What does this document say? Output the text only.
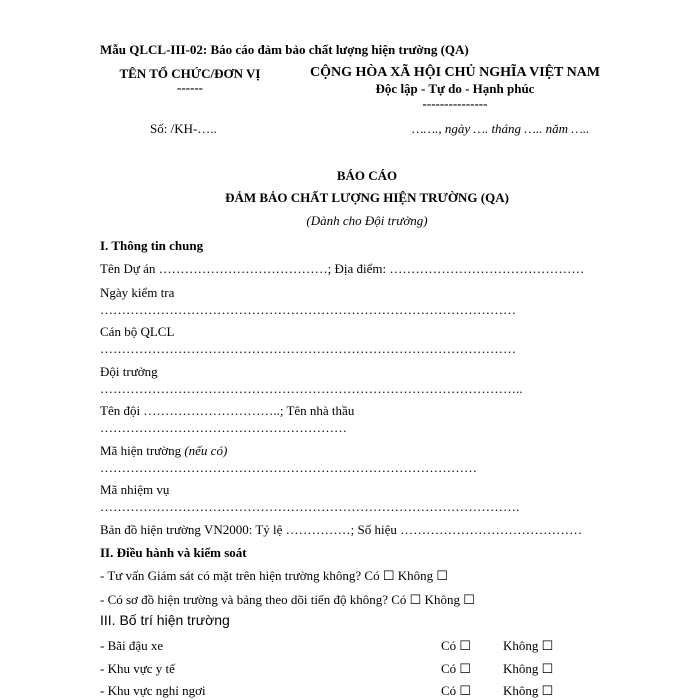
Mẫu QLCL-III-02: Báo cáo đảm bảo chất lượng hiện trường (QA)
TÊN TỔ CHỨC/ĐƠN VỊ
------
CỘNG HÒA XÃ HỘI CHỦ NGHĨA VIỆT NAM
Độc lập - Tự do - Hạnh phúc
---------------
Số: /KH-…..	……., ngày …. tháng ….. năm …..
BÁO CÁO
ĐẢM BẢO CHẤT LƯỢNG HIỆN TRƯỜNG (QA)
(Dành cho Đội trưởng)
I. Thông tin chung
Tên Dự án …………………………………; Địa điểm: ………………………………………
Ngày kiểm tra
……………………………………………………………………………………
Cán bộ QLCL
……………………………………………………………………………………
Đội trưởng
……………………………………………………………………………………..
Tên đội …………………………..; Tên nhà thầu
…………………………………………………
Mã hiện trường (nếu có)
……………………………………………………………………………
Mã nhiệm vụ
…………………………………………………………………………………….
Bản đồ hiện trường VN2000: Tỷ lệ ……………; Số hiệu ……………………………………
II. Điều hành và kiểm soát
- Tư vấn Giám sát có mặt trên hiện trường không? Có ☐ Không ☐
- Có sơ đồ hiện trường và bảng theo dõi tiến độ không? Có ☐ Không ☐
III. Bố trí hiện trường
- Bãi đậu xe	Có ☐ Không ☐
- Khu vực y tế	Có ☐ Không ☐
- Khu vực nghỉ ngơi	Có ☐ Không ☐
